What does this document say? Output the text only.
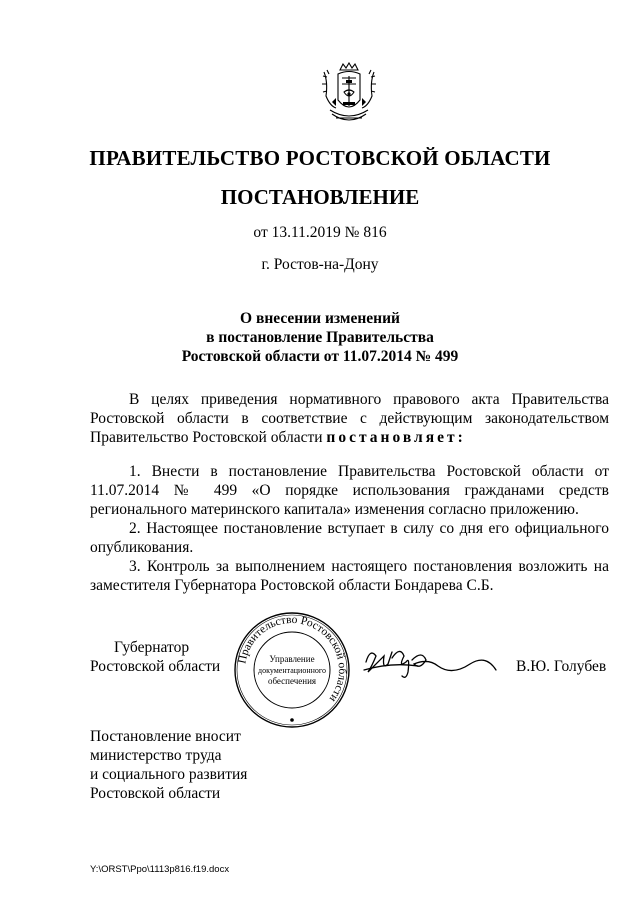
ПРАВИТЕЛЬСТВО РОСТОВСКОЙ ОБЛАСТИ
ПОСТАНОВЛЕНИЕ
от 13.11.2019 № 816
г. Ростов-на-Дону
О внесении изменений
в постановление Правительства
Ростовской области от 11.07.2014 № 499
В целях приведения нормативного правового акта Правительства Ростовской области в соответствие с действующим законодательством Правительство Ростовской области постановляет:
1. Внести в постановление Правительства Ростовской области от 11.07.2014 № 499 «О порядке использования гражданами средств регионального материнского капитала» изменения согласно приложению.
2. Настоящее постановление вступает в силу со дня его официального опубликования.
3. Контроль за выполнением настоящего постановления возложить на заместителя Губернатора Ростовской области Бондарева С.Б.
Губернатор
Ростовской области Правительство Ростовской области
Управление
документационного
обеспечения
В.Ю. Голубев
Постановление вносит
министерство труда
и социального развития
Ростовской области
Y:\ORST\Ppo\1113p816.f19.docx
